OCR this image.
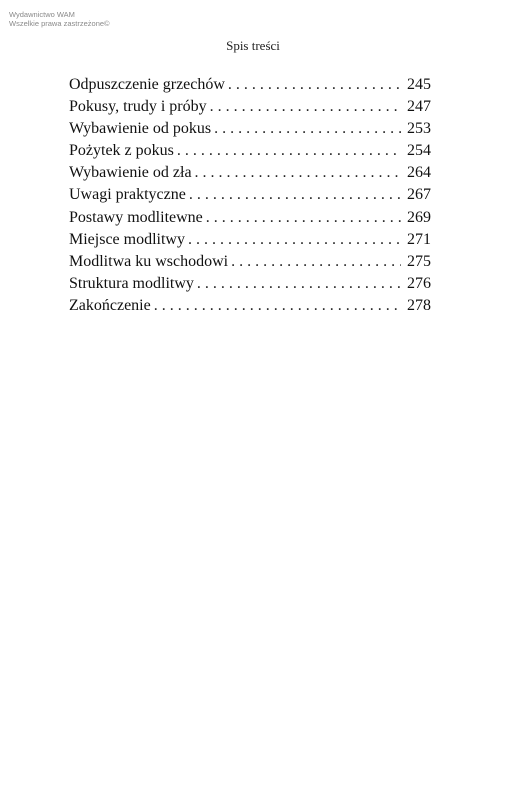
Wydawnictwo WAM
Wszelkie prawa zastrzeżone©
Spis treści
Odpuszczenie grzechów . . .	245
Pokusy, trudy i próby . . .	247
Wybawienie od pokus . . .	253
Pożytek z pokus . . .	254
Wybawienie od zła . . .	264
Uwagi praktyczne . . .	267
Postawy modlitewne . . .	269
Miejsce modlitwy . . .	271
Modlitwa ku wschodowi . . .	275
Struktura modlitwy . . .	276
Zakończenie . . .	278
